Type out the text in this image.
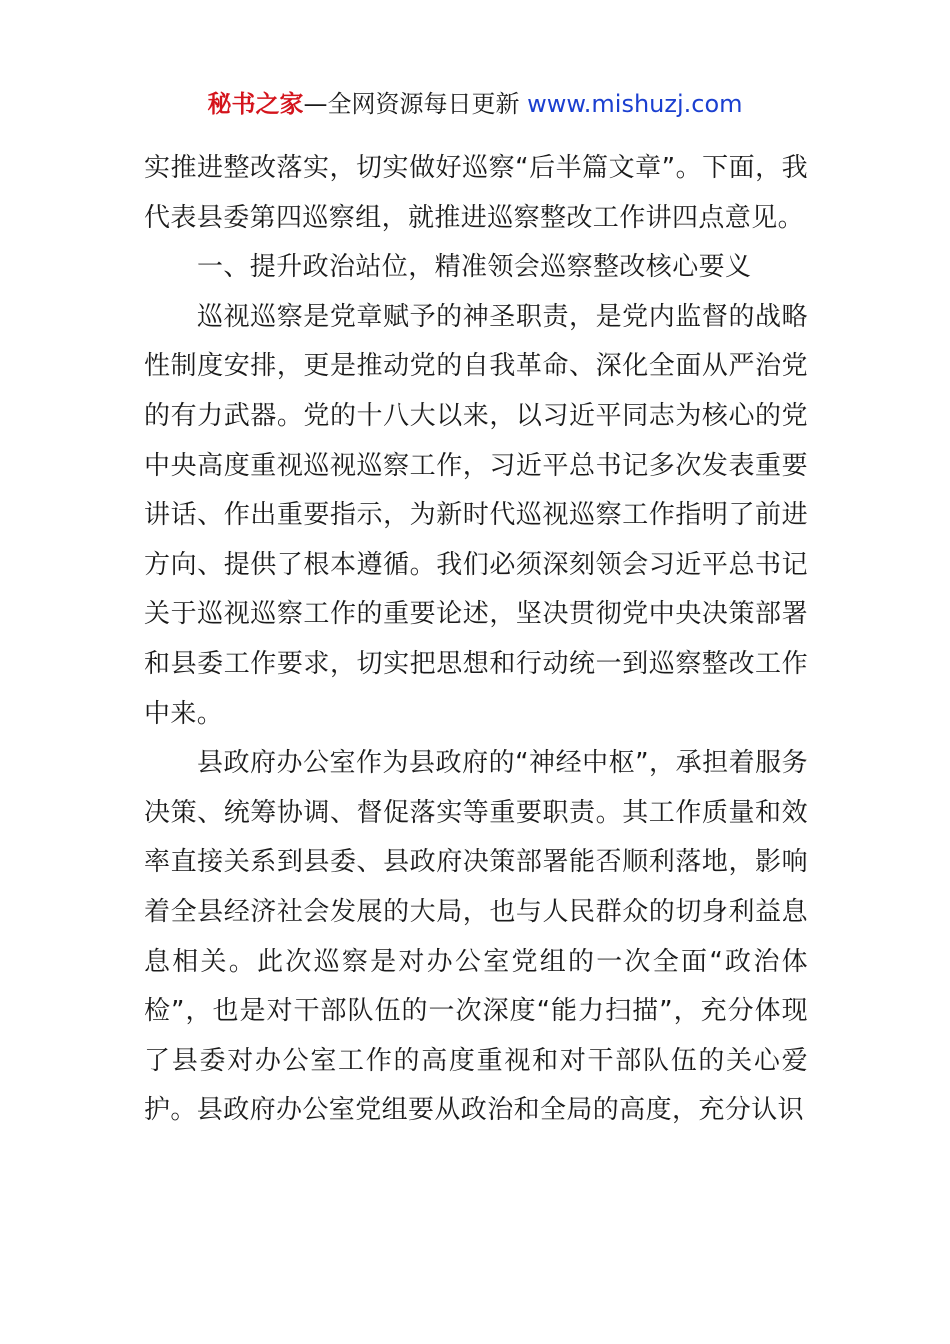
秘书之家—全网资源每日更新 www.mishuzj.com

实推进整改落实，切实做好巡察“后半篇文章”。下面，我代表县委第四巡察组，就推进巡察整改工作讲四点意见。

一、提升政治站位，精准领会巡察整改核心要义

巡视巡察是党章赋予的神圣职责，是党内监督的战略性制度安排，更是推动党的自我革命、深化全面从严治党的有力武器。党的十八大以来，以习近平同志为核心的党中央高度重视巡视巡察工作，习近平总书记多次发表重要讲话、作出重要指示，为新时代巡视巡察工作指明了前进方向、提供了根本遵循。我们必须深刻领会习近平总书记关于巡视巡察工作的重要论述，坚决贯彻党中央决策部署和县委工作要求，切实把思想和行动统一到巡察整改工作中来。

县政府办公室作为县政府的“神经中枢”，承担着服务决策、统筹协调、督促落实等重要职责。其工作质量和效率直接关系到县委、县政府决策部署能否顺利落地，影响着全县经济社会发展的大局，也与人民群众的切身利益息息相关。此次巡察是对办公室党组的一次全面“政治体检”，也是对干部队伍的一次深度“能力扫描”，充分体现了县委对办公室工作的高度重视和对干部队伍的关心爱护。县政府办公室党组要从政治和全局的高度，充分认识
